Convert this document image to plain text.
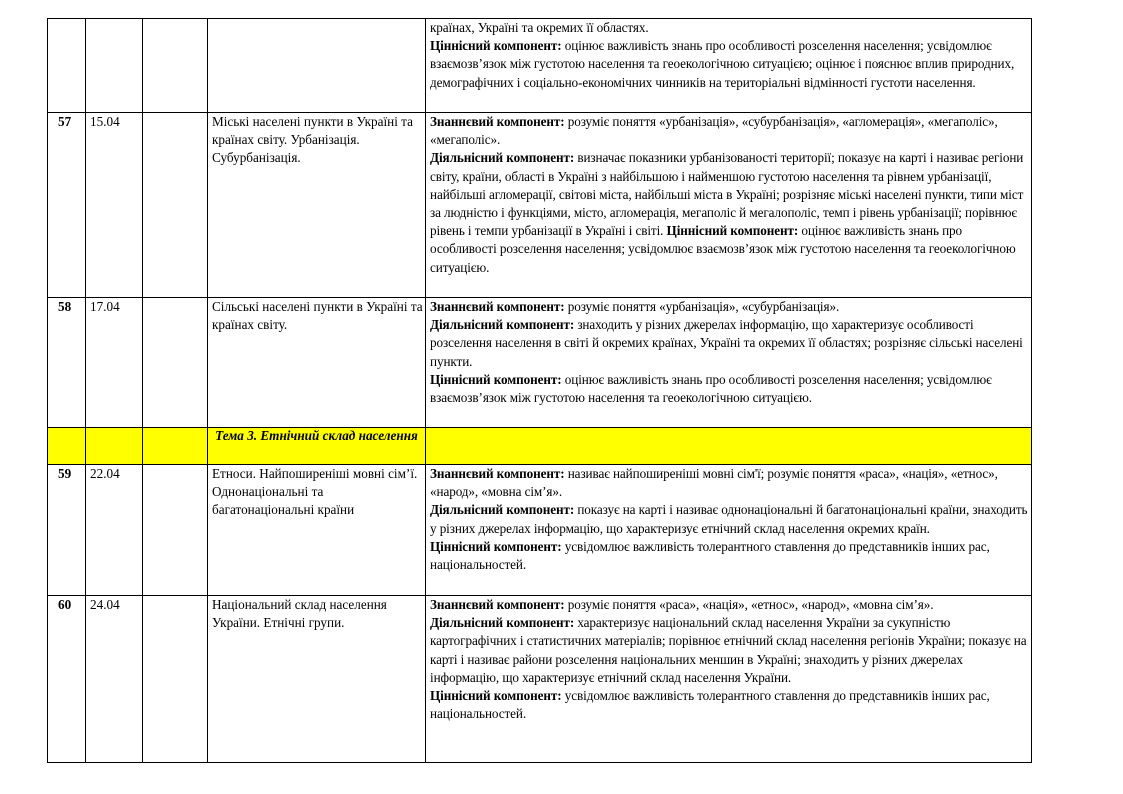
				країнах, Україні та окремих її областях.
Ціннісний компонент: оцінює важливість знань про особливості розселення населення; усвідомлює взаємозв’язок між густотою населення та геоекологічною ситуацією; оцінює і пояснює вплив природних, демографічних і соціально-економічних чинників на територіальні відмінності густоти населення.
57	15.04		Міські населені пункти в Україні та країнах світу. Урбанізація. Субурбанізація.	Знаннєвий компонент: розуміє поняття «урбанізація», «субурбанізація», «агломерація», «мегаполіс», «мегаполіс».
Діяльнісний компонент: визначає показники урбанізованості території; показує на карті і називає регіони світу, країни, області в Україні з найбільшою і найменшою густотою населення та рівнем урбанізації, найбільші агломерації, світові міста, найбільші міста в Україні; розрізняє міські населені пункти, типи міст за людністю і функціями, місто, агломерація, мегаполіс й мегалополіс, темп і рівень урбанізації; порівнює рівень і темпи урбанізації в Україні і світі. Ціннісний компонент: оцінює важливість знань про особливості розселення населення; усвідомлює взаємозв’язок між густотою населення та геоекологічною ситуацією.
58	17.04		Сільські населені пункти в Україні та країнах світу.	Знаннєвий компонент: розуміє поняття «урбанізація», «субурбанізація».
Діяльнісний компонент: знаходить у різних джерелах інформацію, що характеризує особливості розселення населення в світі й окремих країнах, Україні та окремих її областях; розрізняє сільські населені пункти.
Ціннісний компонент: оцінює важливість знань про особливості розселення населення; усвідомлює взаємозв’язок між густотою населення та геоекологічною ситуацією.
			Тема 3. Етнічний склад населення	
59	22.04		Етноси. Найпоширеніші мовні сім’ї. Однонаціональні та багатонаціональні країни	Знаннєвий компонент: називає найпоширеніші мовні сім'ї; розуміє поняття «раса», «нація», «етнос», «народ», «мовна сім’я».
Діяльнісний компонент: показує на карті і називає однонаціональні й багатонаціональні країни, знаходить у різних джерелах інформацію, що характеризує етнічний склад населення окремих країн.
Ціннісний компонент: усвідомлює важливість толерантного ставлення до представників інших рас, національностей.
60	24.04		Національний склад населення України. Етнічні групи.	Знаннєвий компонент: розуміє поняття «раса», «нація», «етнос», «народ», «мовна сім’я».
Діяльнісний компонент: характеризує національний склад населення України за сукупністю картографічних і статистичних матеріалів; порівнює етнічний склад населення регіонів України; показує на карті і називає райони розселення національних меншин в Україні; знаходить у різних джерелах інформацію, що характеризує етнічний склад населення України.
Ціннісний компонент: усвідомлює важливість толерантного ставлення до представників інших рас, національностей.
